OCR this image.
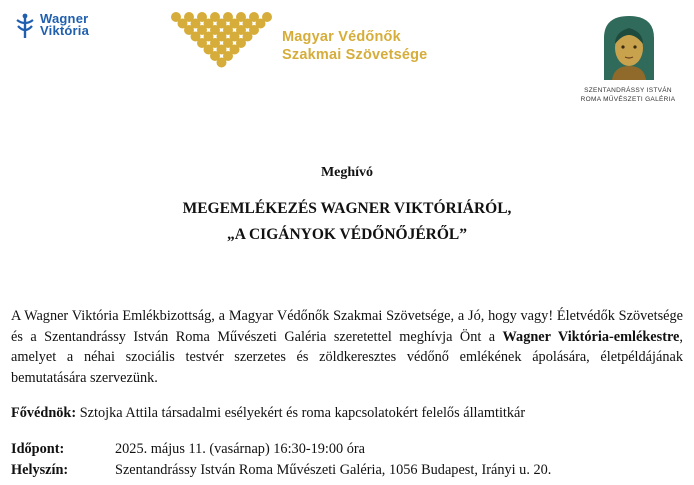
Wagner
Viktória	Magyar Védőnők
Szakmai Szövetsége
SZENTANDRÁSSY ISTVÁN
ROMA MŰVÉSZETI GALÉRIA
Meghívó
MEGEMLÉKEZÉS WAGNER VIKTÓRIÁRÓL,
„A CIGÁNYOK VÉDŐNŐJÉRŐL”
A Wagner Viktória Emlékbizottság, a Magyar Védőnők Szakmai Szövetsége, a Jó, hogy vagy! Életvédők Szövetsége és a Szentandrássy István Roma Művészeti Galéria szeretettel meghívja Önt a Wagner Viktória-emlékestre, amelyet a néhai szociális testvér szerzetes és zöldkeresztes védőnő emlékének ápolására, életpéldájának bemutatására szervezünk.
Fővédnök: Sztojka Attila társadalmi esélyekért és roma kapcsolatokért felelős államtitkár
Időpont:	2025. május 11. (vasárnap) 16:30-19:00 óra
Helyszín:	Szentandrássy István Roma Művészeti Galéria, 1056 Budapest, Irányi u. 20.
